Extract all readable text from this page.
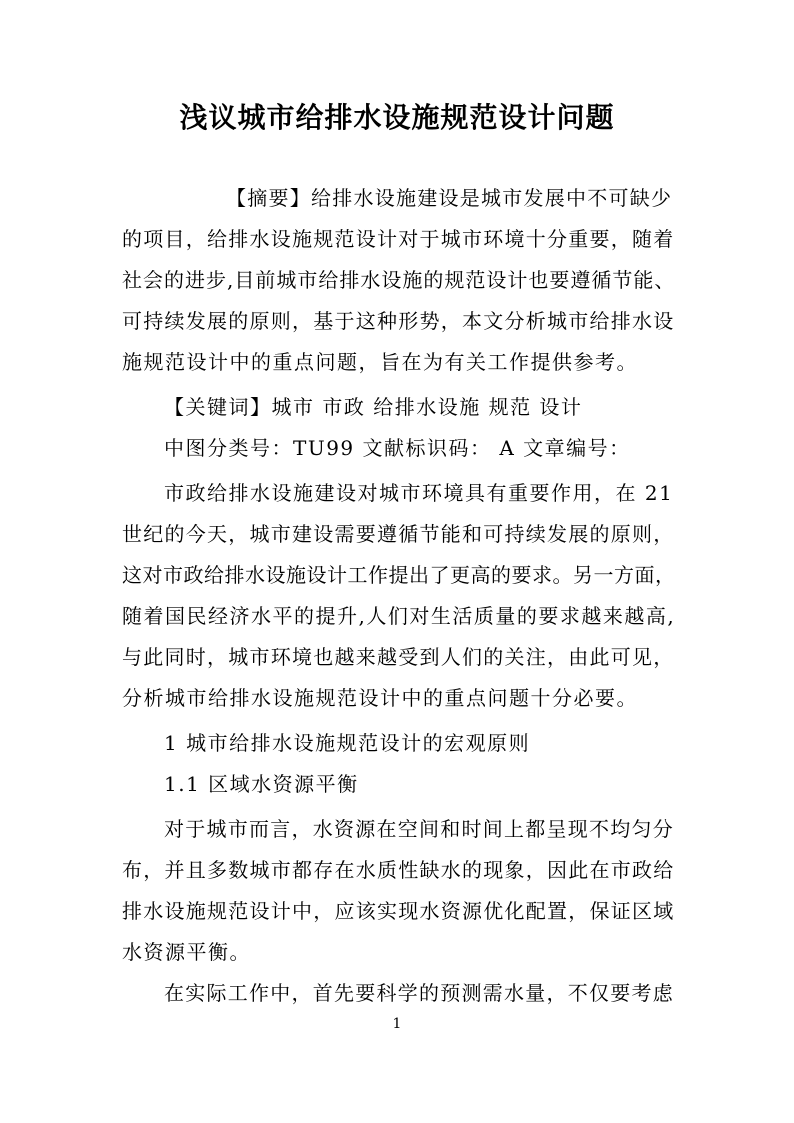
浅议城市给排水设施规范设计问题
【摘要】给排水设施建设是城市发展中不可缺少
的项目，给排水设施规范设计对于城市环境十分重要，随着
社会的进步,目前城市给排水设施的规范设计也要遵循节能、
可持续发展的原则，基于这种形势，本文分析城市给排水设
施规范设计中的重点问题，旨在为有关工作提供参考。
【关键词】城市 市政 给排水设施 规范 设计
中图分类号：TU99 文献标识码： A 文章编号：
市政给排水设施建设对城市环境具有重要作用，在 21
世纪的今天，城市建设需要遵循节能和可持续发展的原则，
这对市政给排水设施设计工作提出了更高的要求。另一方面，
随着国民经济水平的提升,人们对生活质量的要求越来越高,
与此同时，城市环境也越来越受到人们的关注，由此可见，
分析城市给排水设施规范设计中的重点问题十分必要。
1 城市给排水设施规范设计的宏观原则
1.1 区域水资源平衡
对于城市而言，水资源在空间和时间上都呈现不均匀分
布，并且多数城市都存在水质性缺水的现象，因此在市政给
排水设施规范设计中，应该实现水资源优化配置，保证区域
水资源平衡。
在实际工作中，首先要科学的预测需水量，不仅要考虑
1
